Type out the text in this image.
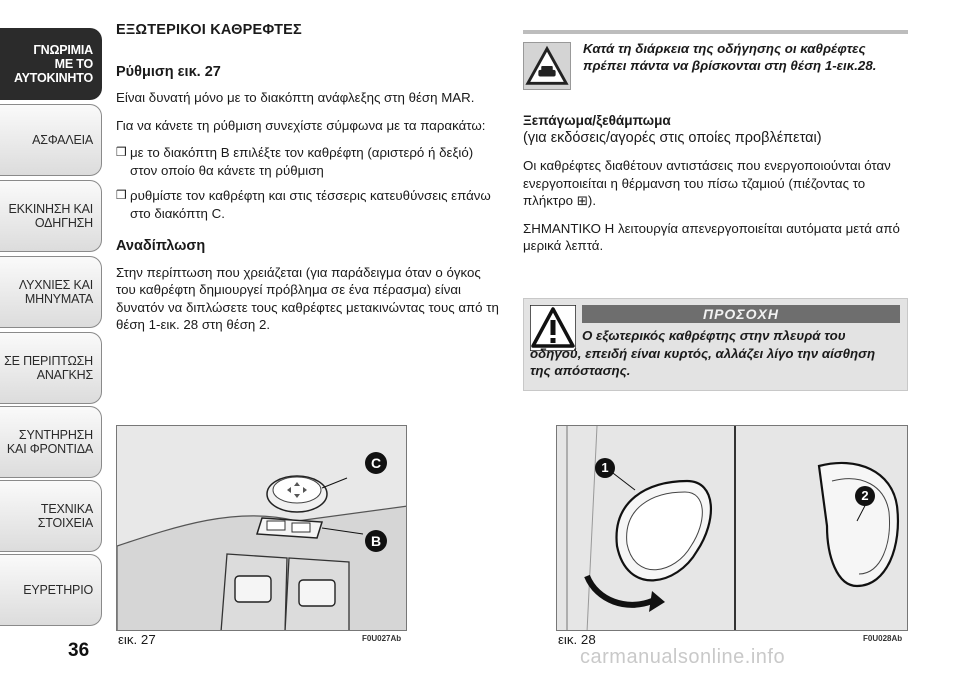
ΓΝΩΡΙΜΙΑ
ΜΕ ΤΟ
ΑΥΤΟΚΙΝΗΤΟ
ΑΣΦΑΛΕΙΑ
ΕΚΚΙΝΗΣΗ ΚΑΙ
ΟΔΗΓΗΣΗ
ΛΥΧΝΙΕΣ ΚΑΙ
ΜΗΝΥΜΑΤΑ
ΣΕ ΠΕΡΙΠΤΩΣΗ
ΑΝΑΓΚΗΣ
ΣΥΝΤΗΡΗΣΗ
ΚΑΙ ΦΡΟΝΤΙΔΑ
ΤΕΧΝΙΚΑ
ΣΤΟΙΧΕΙΑ
ΕΥΡΕΤΗΡΙΟ
36
ΕΞΩΤΕΡΙΚΟΙ ΚΑΘΡΕΦΤΕΣ
Ρύθμιση εικ. 27
Είναι δυνατή μόνο με το διακόπτη ανάφλεξης στη θέση MAR.
Για να κάνετε τη ρύθμιση συνεχίστε σύμφωνα με τα παρακάτω:
❒ με το διακόπτη B επιλέξτε τον καθρέφτη (αριστερό ή δεξιό) στον οποίο θα κάνετε τη ρύθμιση
❒ ρυθμίστε τον καθρέφτη και στις τέσσερις κατευθύνσεις επάνω στο διακόπτη C.
Αναδίπλωση
Στην περίπτωση που χρειάζεται (για παράδειγμα όταν ο όγκος του καθρέφτη δημιουργεί πρόβλημα σε ένα πέρασμα) είναι δυνατόν να διπλώσετε τους καθρέφτες μετακινώντας τους από τη θέση 1-εικ. 28 στη θέση 2.
Κατά τη διάρκεια της οδήγησης οι καθρέφτες πρέπει πάντα να βρίσκονται στη θέση 1-εικ.28.
Ξεπάγωμα/ξεθάμπωμα
(για εκδόσεις/αγορές στις οποίες προβλέπεται)
Οι καθρέφτες διαθέτουν αντιστάσεις που ενεργοποιούνται όταν ενεργοποιείται η θέρμανση του πίσω τζαμιού (πιέζοντας το πλήκτρο ⊞).
ΣΗΜΑΝΤΙΚΟ Η λειτουργία απενεργοποιείται αυτόματα μετά από μερικά λεπτά.
ΠΡΟΣΟΧΗ
Ο εξωτερικός καθρέφτης στην πλευρά του οδηγού, επειδή είναι κυρτός, αλλάζει λίγο την αίσθηση της απόστασης.
C
B
εικ. 27	F0U027Ab
1
2
εικ. 28	F0U028Ab
carmanualsonline.info
